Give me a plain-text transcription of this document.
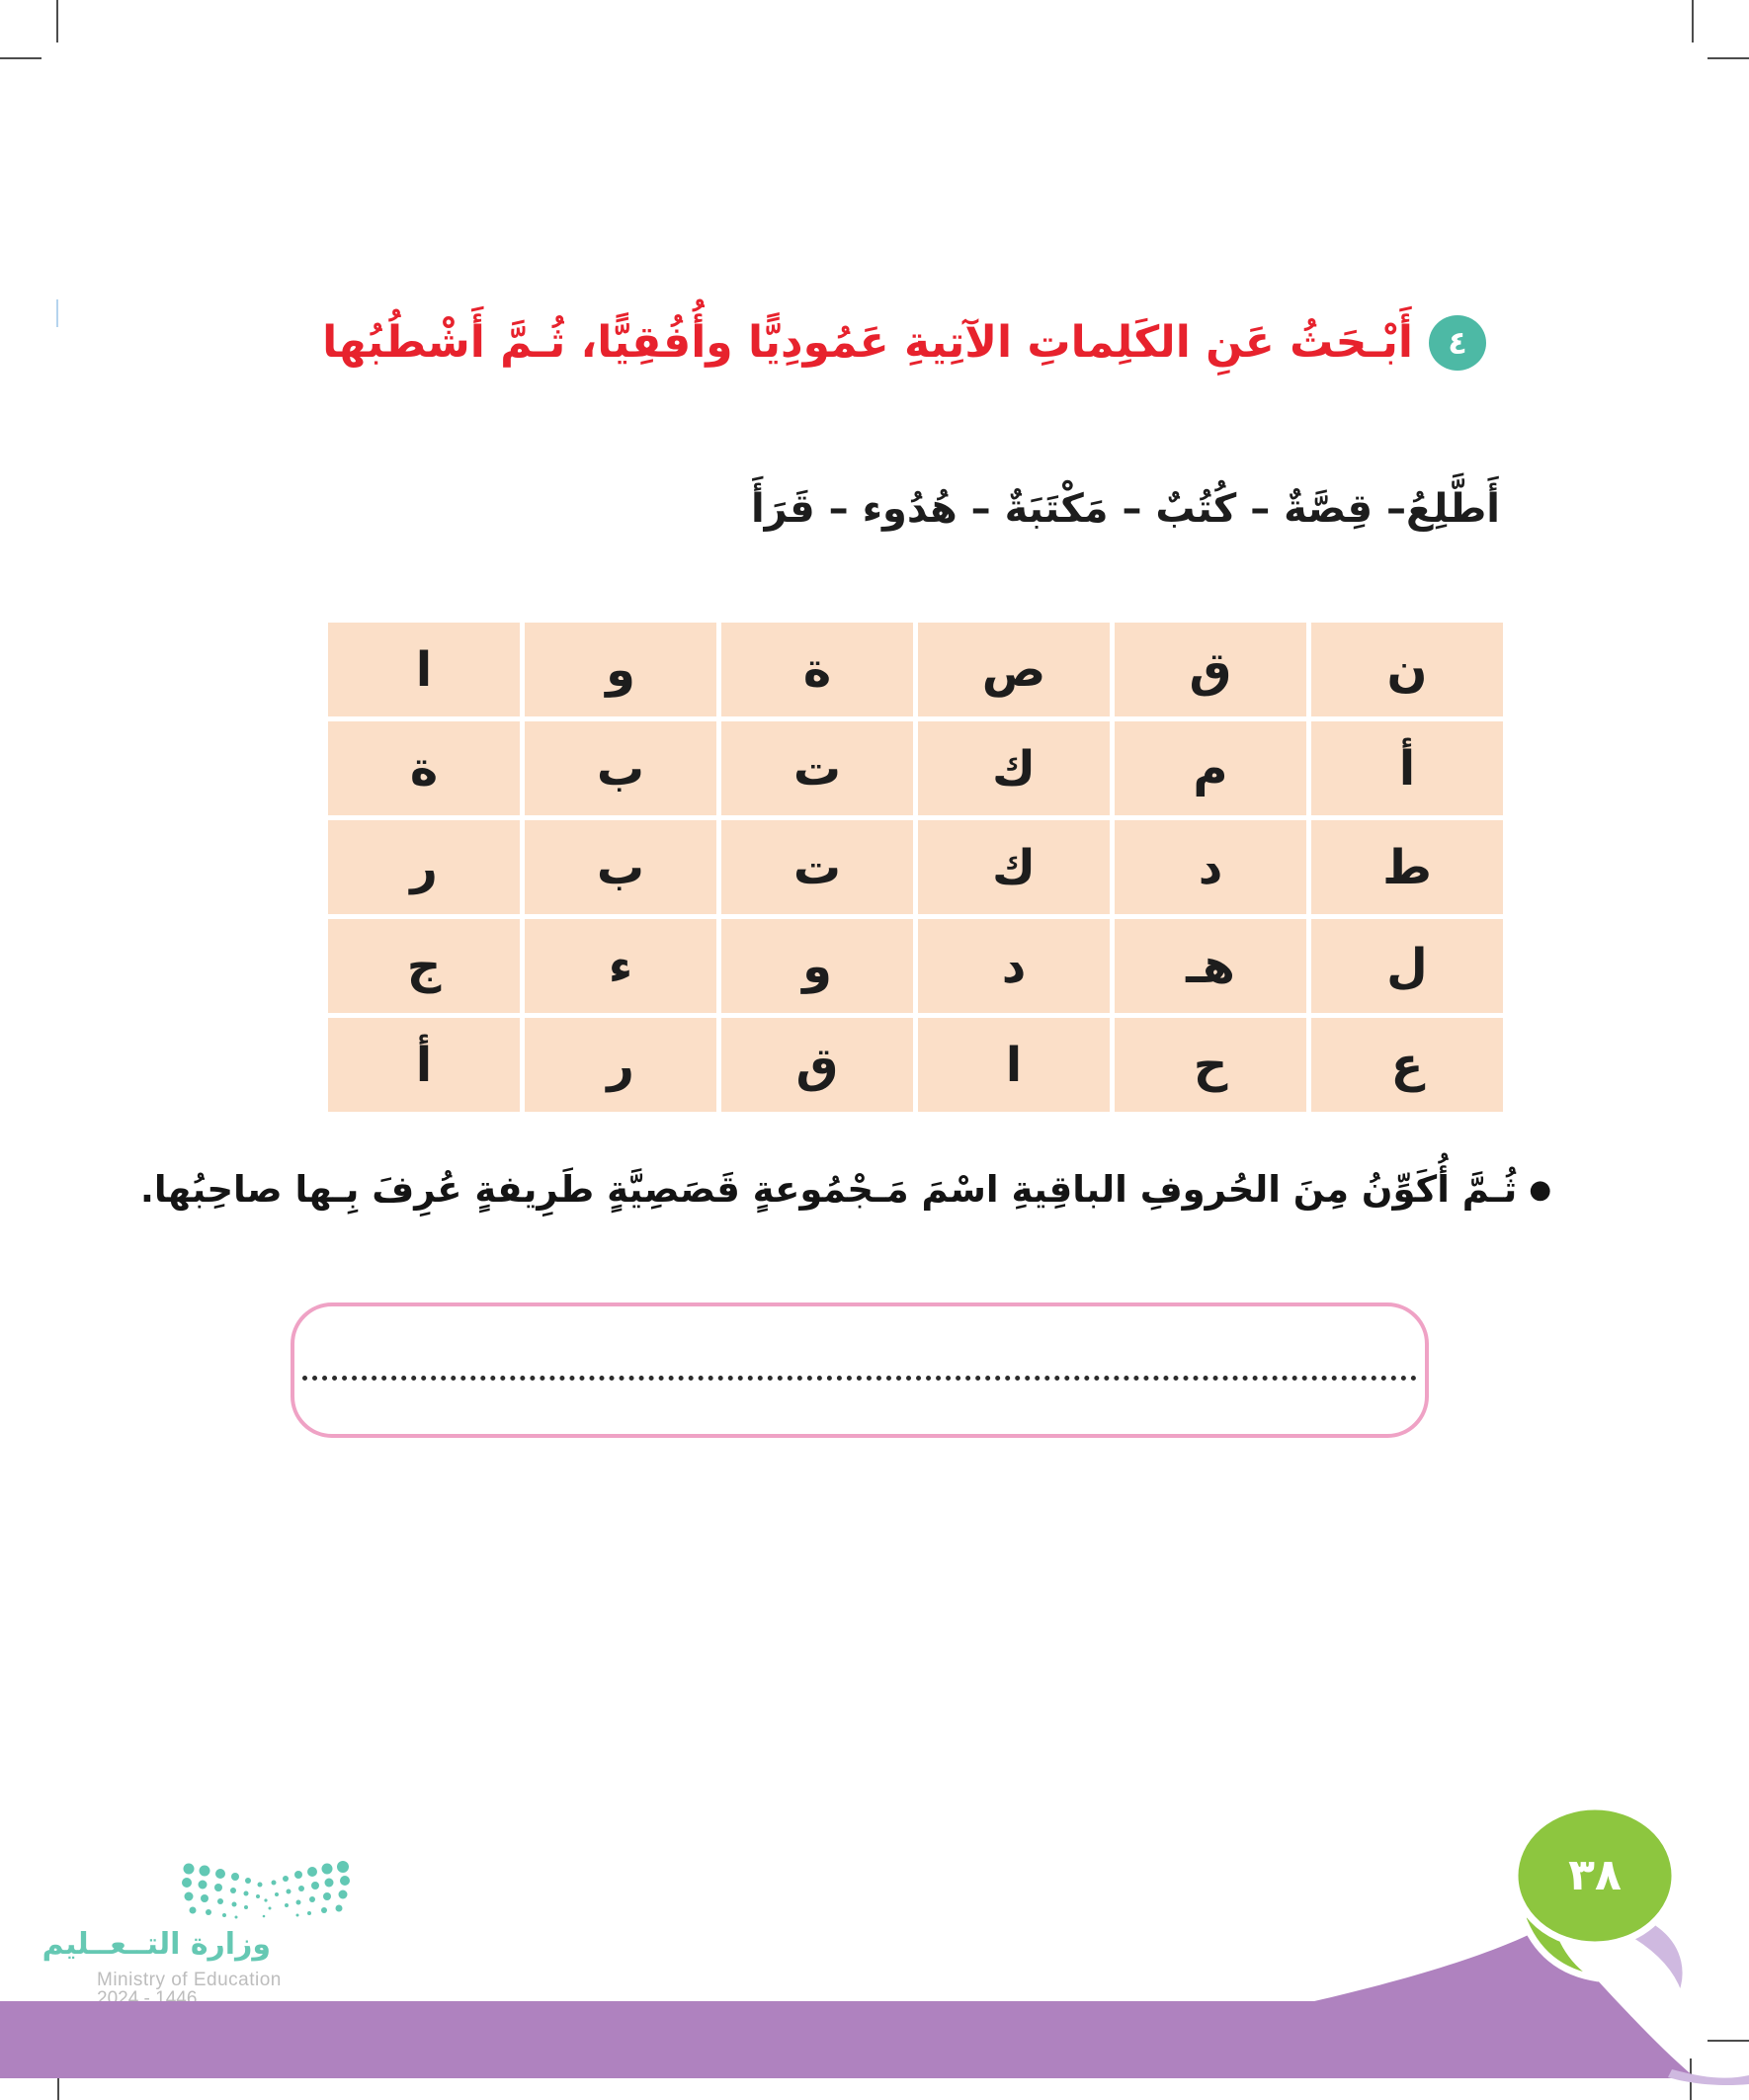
٤
أَبْـحَثُ عَنِ الكَلِماتِ الآتِيةِ عَمُودِيًّا وأُفُقِيًّا، ثُـمَّ أَشْطُبُها
أَطَّلِعُ– قِصَّةٌ – كُتُبٌ – مَكْتَبَةٌ – هُدُوء – قَرَأَ
ن
ق
ص
ة
و
ا
أ
م
ك
ت
ب
ة
ط
د
ك
ت
ب
ر
ل
هـ
د
و
ء
ج
ع
ح
ا
ق
ر
أ
●
ثُـمَّ أُكَوِّنُ مِنَ الحُروفِ الباقِيةِ اسْمَ مَـجْمُوعةٍ قَصَصِيَّةٍ طَرِيفةٍ عُرِفَ بِـها صاحِبُها.
وزارة التــعــليم
Ministry of Education
2024 - 1446
٣٨
